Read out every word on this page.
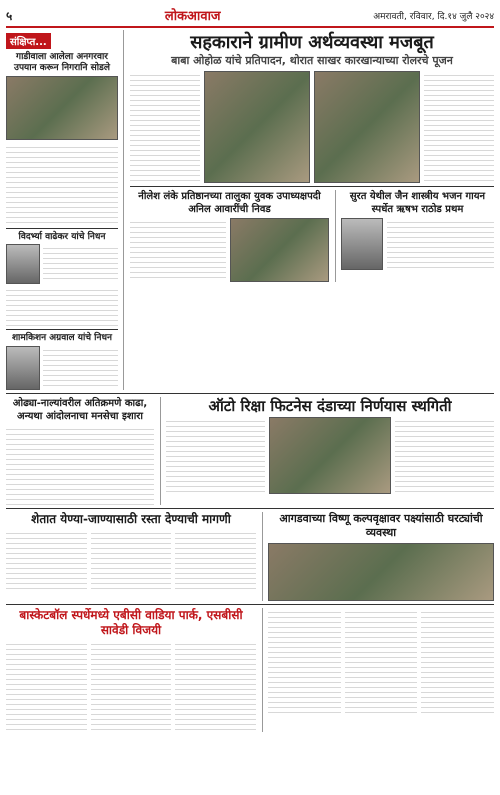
५	लोकआवाज	अमरावती, रविवार, दि.१४ जुलै २०२४
संक्षिप्त...
गाडीवाला आलेला अनगरवार उपयान करून निगरानि सोडले
विदर्भ्या वाढेकर यांचे निधन
शामकिशन अग्रवाल यांचे निधन
सहकाराने ग्रामीण अर्थव्यवस्था मजबूत
बाबा ओहोळ यांचे प्रतिपादन, थोरात साखर कारखान्याच्या रोलरचे पूजन
नीलेश लंके प्रतिष्ठानच्या तालुका युवक उपाध्यक्षपदी अनिल आवारींची निवड
सुरत येथील जैन शास्त्रीय भजन गायन स्पर्धेत ऋषभ राठोड प्रथम
ओढ्या-नाल्यांवरील अतिक्रमणे काढा, अन्यथा आंदोलनाचा मनसेचा इशारा
ऑटो रिक्षा फिटनेस दंडाच्या निर्णयास स्थगिती
शेतात येण्या-जाण्यासाठी रस्ता देण्याची मागणी	आगडवाच्या विष्णू कल्पवृक्षावर पक्ष्यांसाठी घरट्यांची व्यवस्था
बास्केटबॉल स्पर्धेमध्ये एबीसी वाडिया पार्क, एसबीसी सावेडी विजयी
